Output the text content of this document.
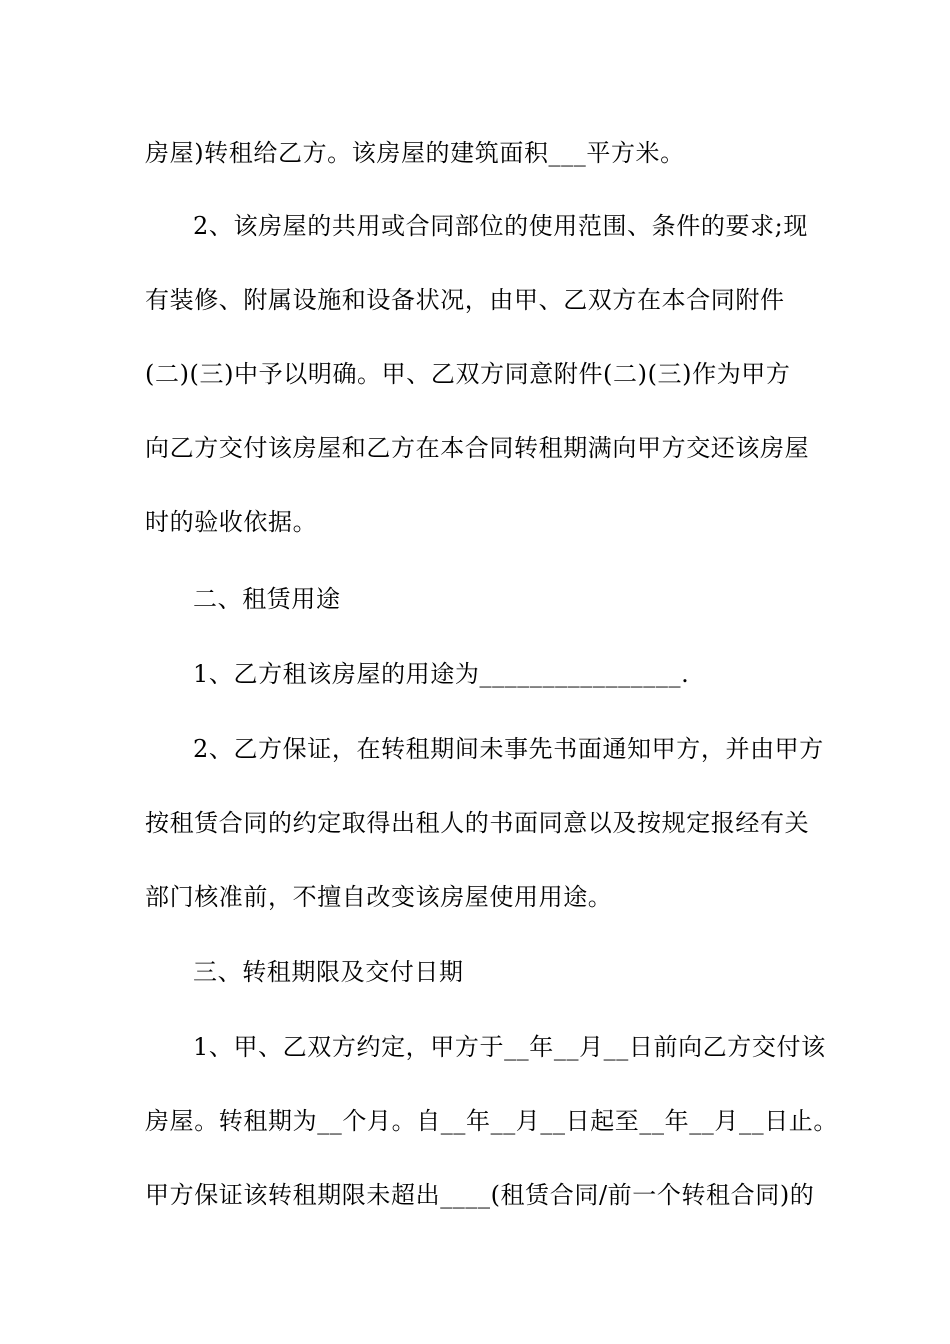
房屋)转租给乙方。该房屋的建筑面积___平方米。
2、该房屋的共用或合同部位的使用范围、条件的要求;现
有装修、附属设施和设备状况，由甲、乙双方在本合同附件
(二)(三)中予以明确。甲、乙双方同意附件(二)(三)作为甲方
向乙方交付该房屋和乙方在本合同转租期满向甲方交还该房屋
时的验收依据。
二、租赁用途
1、乙方租该房屋的用途为________________.
2、乙方保证，在转租期间未事先书面通知甲方，并由甲方
按租赁合同的约定取得出租人的书面同意以及按规定报经有关
部门核准前，不擅自改变该房屋使用用途。
三、转租期限及交付日期
1、甲、乙双方约定，甲方于__年__月__日前向乙方交付该
房屋。转租期为__个月。自__年__月__日起至__年__月__日止。
甲方保证该转租期限未超出____(租赁合同/前一个转租合同)的
